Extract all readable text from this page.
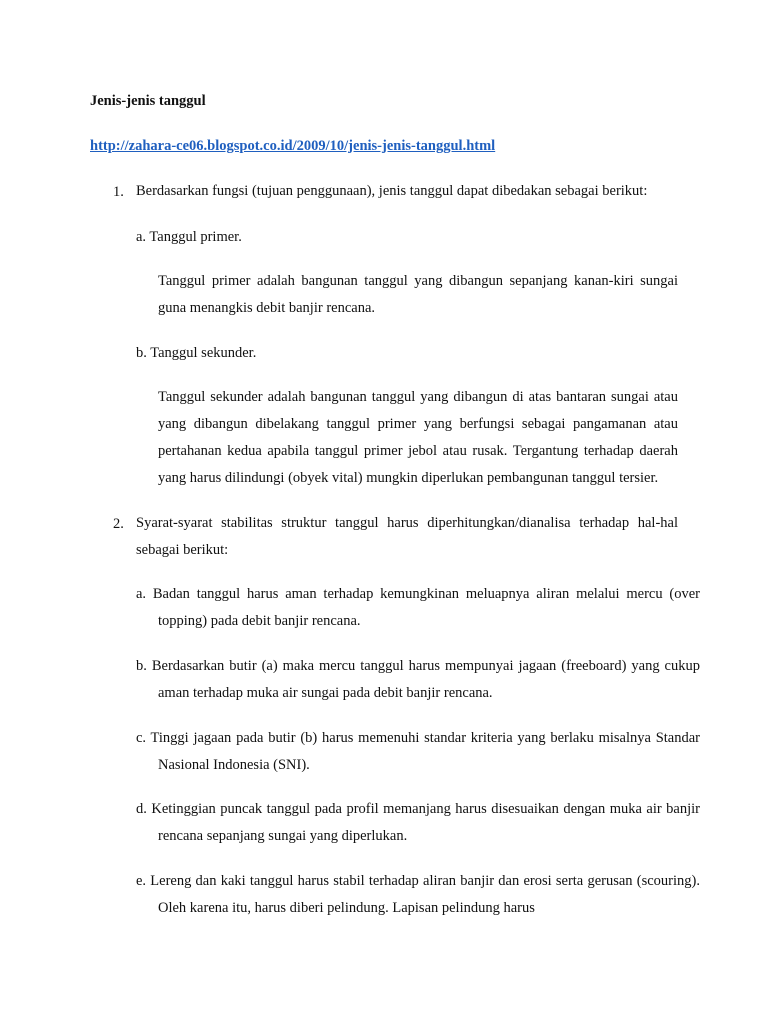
Jenis-jenis tanggul
http://zahara-ce06.blogspot.co.id/2009/10/jenis-jenis-tanggul.html
1. Berdasarkan fungsi (tujuan penggunaan), jenis tanggul dapat dibedakan sebagai berikut:
a. Tanggul primer.
Tanggul primer adalah bangunan tanggul yang dibangun sepanjang kanan-kiri sungai guna menangkis debit banjir rencana.
b. Tanggul sekunder.
Tanggul sekunder adalah bangunan tanggul yang dibangun di atas bantaran sungai atau yang dibangun dibelakang tanggul primer yang berfungsi sebagai pangamanan atau pertahanan kedua apabila tanggul primer jebol atau rusak. Tergantung terhadap daerah yang harus dilindungi (obyek vital) mungkin diperlukan pembangunan tanggul tersier.
2. Syarat-syarat stabilitas struktur tanggul harus diperhitungkan/dianalisa terhadap hal-hal sebagai berikut:
a. Badan tanggul harus aman terhadap kemungkinan meluapnya aliran melalui mercu (over topping) pada debit banjir rencana.
b. Berdasarkan butir (a) maka mercu tanggul harus mempunyai jagaan (freeboard) yang cukup aman terhadap muka air sungai pada debit banjir rencana.
c. Tinggi jagaan pada butir (b) harus memenuhi standar kriteria yang berlaku misalnya Standar Nasional Indonesia (SNI).
d. Ketinggian puncak tanggul pada profil memanjang harus disesuaikan dengan muka air banjir rencana sepanjang sungai yang diperlukan.
e. Lereng dan kaki tanggul harus stabil terhadap aliran banjir dan erosi serta gerusan (scouring). Oleh karena itu, harus diberi pelindung. Lapisan pelindung harus
